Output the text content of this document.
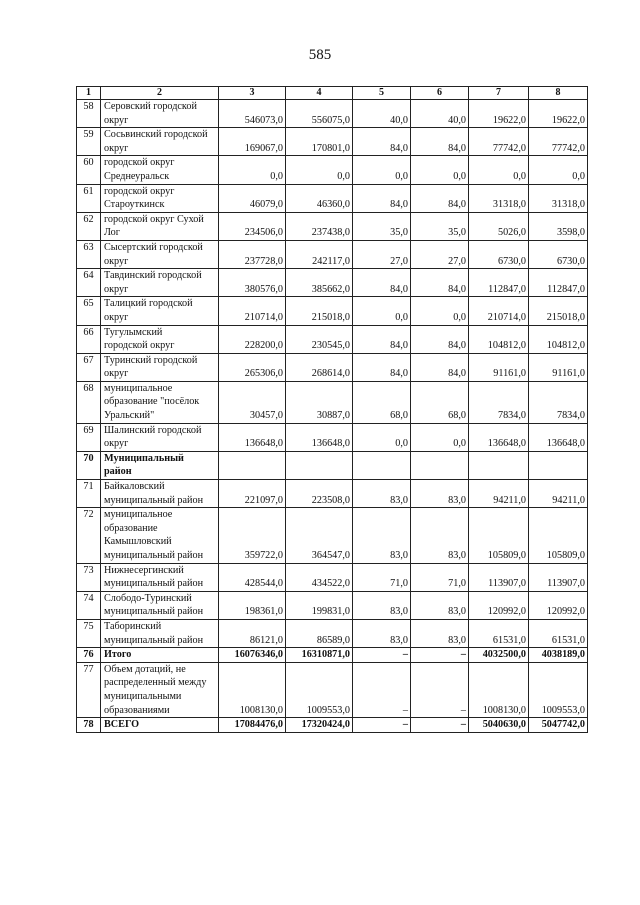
585
1	2	3	4	5	6	7	8
58	Серовский городской
округ	546073,0	556075,0	40,0	40,0	19622,0	19622,0
59	Сосьвинский городской
округ	169067,0	170801,0	84,0	84,0	77742,0	77742,0
60	городской округ
Среднеуральск	0,0	0,0	0,0	0,0	0,0	0,0
61	городской округ
Староуткинск	46079,0	46360,0	84,0	84,0	31318,0	31318,0
62	городской округ Сухой
Лог	234506,0	237438,0	35,0	35,0	5026,0	3598,0
63	Сысертский городской
округ	237728,0	242117,0	27,0	27,0	6730,0	6730,0
64	Тавдинский городской
округ	380576,0	385662,0	84,0	84,0	112847,0	112847,0
65	Талицкий городской
округ	210714,0	215018,0	0,0	0,0	210714,0	215018,0
66	Тугулымский
городской округ	228200,0	230545,0	84,0	84,0	104812,0	104812,0
67	Туринский городской
округ	265306,0	268614,0	84,0	84,0	91161,0	91161,0
68	муниципальное
образование "посёлок
Уральский"	30457,0	30887,0	68,0	68,0	7834,0	7834,0
69	Шалинский городской
округ	136648,0	136648,0	0,0	0,0	136648,0	136648,0
70	Муниципальный
район						

71	Байкаловский
муниципальный район	221097,0	223508,0	83,0	83,0	94211,0	94211,0
72	муниципальное
образование
Камышловский
муниципальный район	359722,0	364547,0	83,0	83,0	105809,0	105809,0
73	Нижнесергинский
муниципальный район	428544,0	434522,0	71,0	71,0	113907,0	113907,0
74	Слободо-Туринский
муниципальный район	198361,0	199831,0	83,0	83,0	120992,0	120992,0
75	Таборинский
муниципальный район	86121,0	86589,0	83,0	83,0	61531,0	61531,0
76	Итого	16076346,0	16310871,0	–	–	4032500,0	4038189,0
77	Объем дотаций, не
распределенный между
муниципальными
образованиями	1008130,0	1009553,0	–	–	1008130,0	1009553,0
78	ВСЕГО	17084476,0	17320424,0	–	–	5040630,0	5047742,0
